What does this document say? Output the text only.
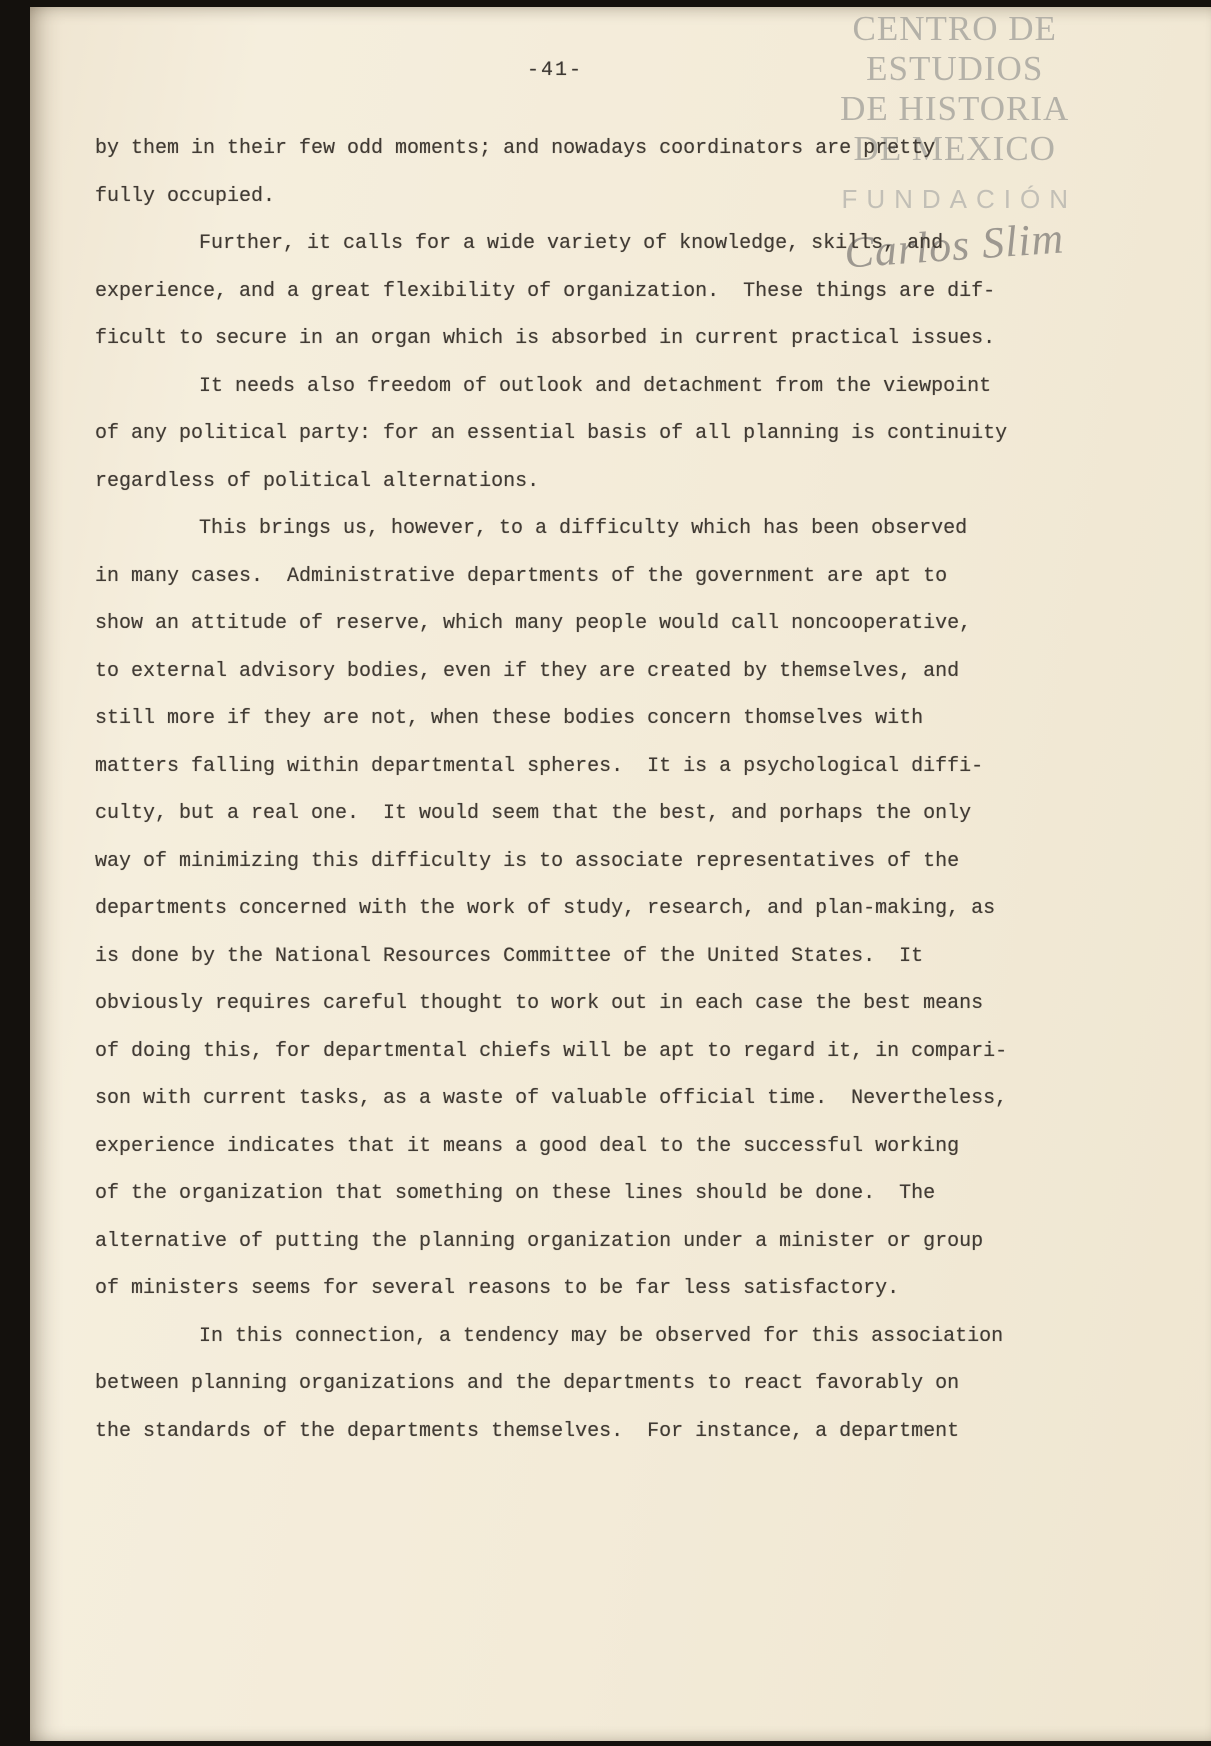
CENTRO DE
ESTUDIOS
DE HISTORIA
DE MEXICO
FUNDACIÓN
Carlos Slim
-41-
by them in their few odd moments; and nowadays coordinators are pretty
fully occupied.
Further, it calls for a wide variety of knowledge, skills, and
experience, and a great flexibility of organization.  These things are dif-
ficult to secure in an organ which is absorbed in current practical issues.
It needs also freedom of outlook and detachment from the viewpoint
of any political party: for an essential basis of all planning is continuity
regardless of political alternations.
This brings us, however, to a difficulty which has been observed
in many cases.  Administrative departments of the government are apt to
show an attitude of reserve, which many people would call noncooperative,
to external advisory bodies, even if they are created by themselves, and
still more if they are not, when these bodies concern thomselves with
matters falling within departmental spheres.  It is a psychological diffi-
culty, but a real one.  It would seem that the best, and porhaps the only
way of minimizing this difficulty is to associate representatives of the
departments concerned with the work of study, research, and plan-making, as
is done by the National Resources Committee of the United States.  It
obviously requires careful thought to work out in each case the best means
of doing this, for departmental chiefs will be apt to regard it, in compari-
son with current tasks, as a waste of valuable official time.  Nevertheless,
experience indicates that it means a good deal to the successful working
of the organization that something on these lines should be done.  The
alternative of putting the planning organization under a minister or group
of ministers seems for several reasons to be far less satisfactory.
In this connection, a tendency may be observed for this association
between planning organizations and the departments to react favorably on
the standards of the departments themselves.  For instance, a department
